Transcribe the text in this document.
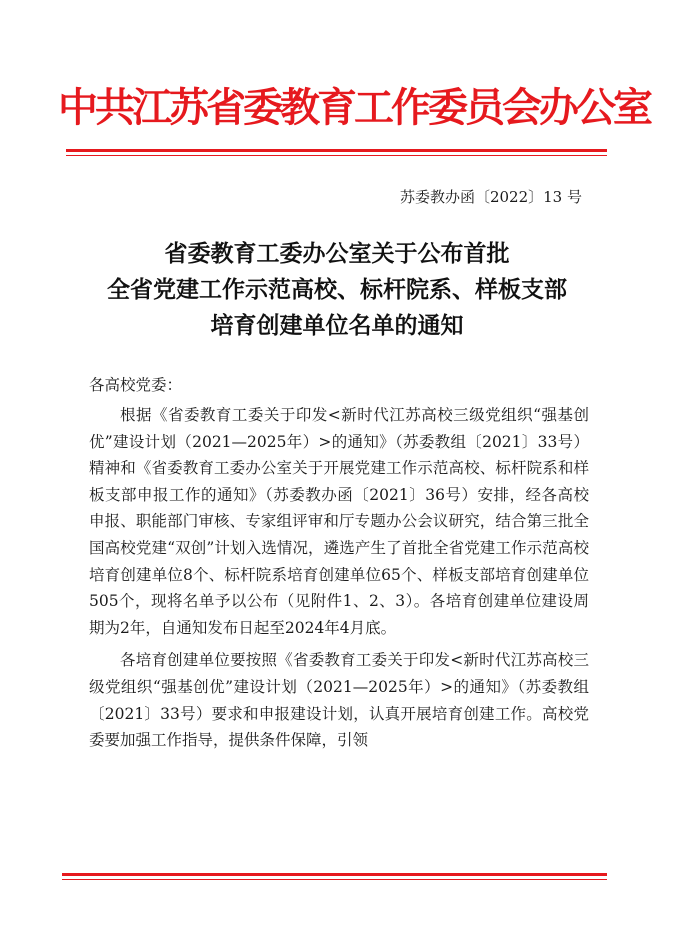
中共江苏省委教育工作委员会办公室
苏委教办函〔2022〕13 号
省委教育工委办公室关于公布首批
全省党建工作示范高校、标杆院系、样板支部
培育创建单位名单的通知
各高校党委：

根据《省委教育工委关于印发<新时代江苏高校三级党组织“强基创优”建设计划（2021—2025年）>的通知》（苏委教组〔2021〕33号）精神和《省委教育工委办公室关于开展党建工作示范高校、标杆院系和样板支部申报工作的通知》（苏委教办函〔2021〕36号）安排，经各高校申报、职能部门审核、专家组评审和厅专题办公会议研究，结合第三批全国高校党建“双创”计划入选情况，遴选产生了首批全省党建工作示范高校培育创建单位8个、标杆院系培育创建单位65个、样板支部培育创建单位505个，现将名单予以公布（见附件1、2、3）。各培育创建单位建设周期为2年，自通知发布日起至2024年4月底。

各培育创建单位要按照《省委教育工委关于印发<新时代江苏高校三级党组织“强基创优”建设计划（2021—2025年）>的通知》（苏委教组〔2021〕33号）要求和申报建设计划，认真开展培育创建工作。高校党委要加强工作指导，提供条件保障，引领
